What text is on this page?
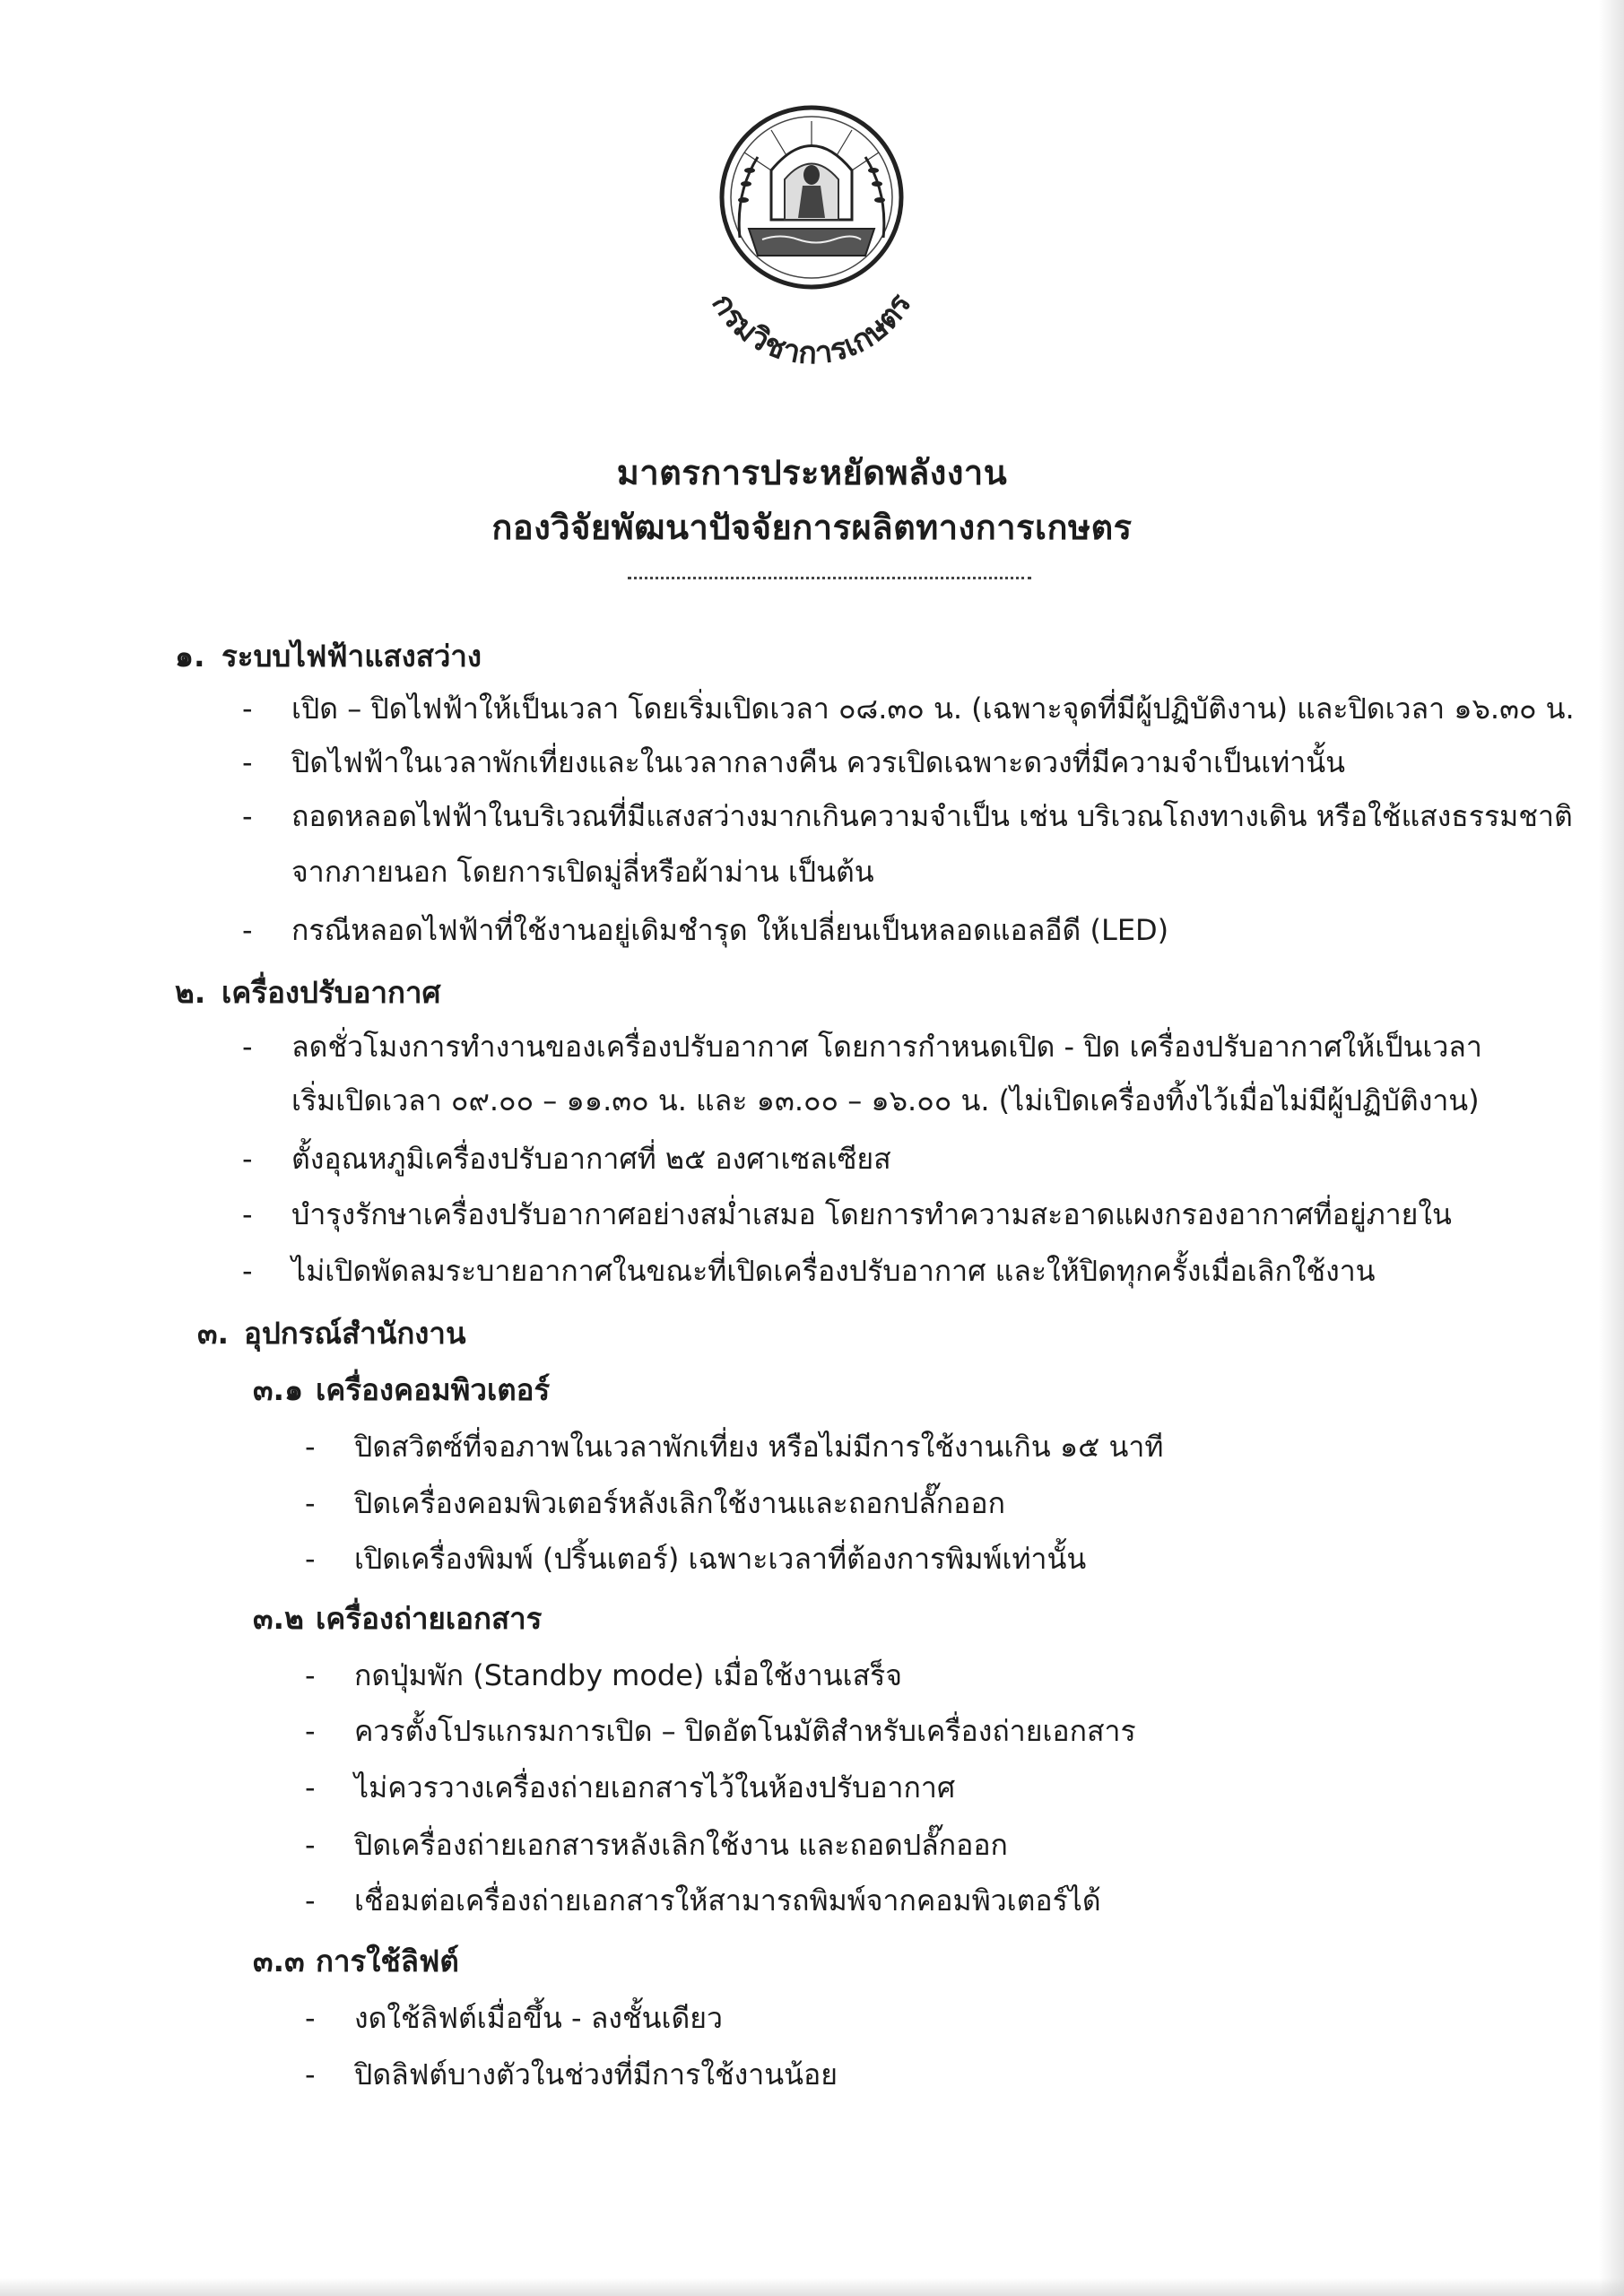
กรมวิชาการเกษตร
มาตรการประหยัดพลังงาน
กองวิจัยพัฒนาปัจจัยการผลิตทางการเกษตร
๑. ระบบไฟฟ้าแสงสว่าง
- เปิด – ปิดไฟฟ้าให้เป็นเวลา โดยเริ่มเปิดเวลา ๐๘.๓๐ น. (เฉพาะจุดที่มีผู้ปฏิบัติงาน) และปิดเวลา ๑๖.๓๐ น.
- ปิดไฟฟ้าในเวลาพักเที่ยงและในเวลากลางคืน ควรเปิดเฉพาะดวงที่มีความจำเป็นเท่านั้น
- ถอดหลอดไฟฟ้าในบริเวณที่มีแสงสว่างมากเกินความจำเป็น เช่น บริเวณโถงทางเดิน หรือใช้แสงธรรมชาติ
จากภายนอก โดยการเปิดมู่ลี่หรือผ้าม่าน เป็นต้น
- กรณีหลอดไฟฟ้าที่ใช้งานอยู่เดิมชำรุด ให้เปลี่ยนเป็นหลอดแอลอีดี (LED)
๒. เครื่องปรับอากาศ
- ลดชั่วโมงการทำงานของเครื่องปรับอากาศ โดยการกำหนดเปิด - ปิด เครื่องปรับอากาศให้เป็นเวลา
เริ่มเปิดเวลา ๐๙.๐๐ – ๑๑.๓๐ น. และ ๑๓.๐๐ – ๑๖.๐๐ น. (ไม่เปิดเครื่องทิ้งไว้เมื่อไม่มีผู้ปฏิบัติงาน)
- ตั้งอุณหภูมิเครื่องปรับอากาศที่ ๒๕ องศาเซลเซียส
- บำรุงรักษาเครื่องปรับอากาศอย่างสม่ำเสมอ โดยการทำความสะอาดแผงกรองอากาศที่อยู่ภายใน
- ไม่เปิดพัดลมระบายอากาศในขณะที่เปิดเครื่องปรับอากาศ และให้ปิดทุกครั้งเมื่อเลิกใช้งาน
๓. อุปกรณ์สำนักงาน
๓.๑ เครื่องคอมพิวเตอร์
- ปิดสวิตซ์ที่จอภาพในเวลาพักเที่ยง หรือไม่มีการใช้งานเกิน ๑๕ นาที
- ปิดเครื่องคอมพิวเตอร์หลังเลิกใช้งานและถอกปลั๊กออก
- เปิดเครื่องพิมพ์ (ปริ้นเตอร์) เฉพาะเวลาที่ต้องการพิมพ์เท่านั้น
๓.๒ เครื่องถ่ายเอกสาร
- กดปุ่มพัก (Standby mode) เมื่อใช้งานเสร็จ
- ควรตั้งโปรแกรมการเปิด – ปิดอัตโนมัติสำหรับเครื่องถ่ายเอกสาร
- ไม่ควรวางเครื่องถ่ายเอกสารไว้ในห้องปรับอากาศ
- ปิดเครื่องถ่ายเอกสารหลังเลิกใช้งาน และถอดปลั๊กออก
- เชื่อมต่อเครื่องถ่ายเอกสารให้สามารถพิมพ์จากคอมพิวเตอร์ได้
๓.๓ การใช้ลิฟต์
- งดใช้ลิฟต์เมื่อขึ้น - ลงชั้นเดียว
- ปิดลิฟต์บางตัวในช่วงที่มีการใช้งานน้อย
